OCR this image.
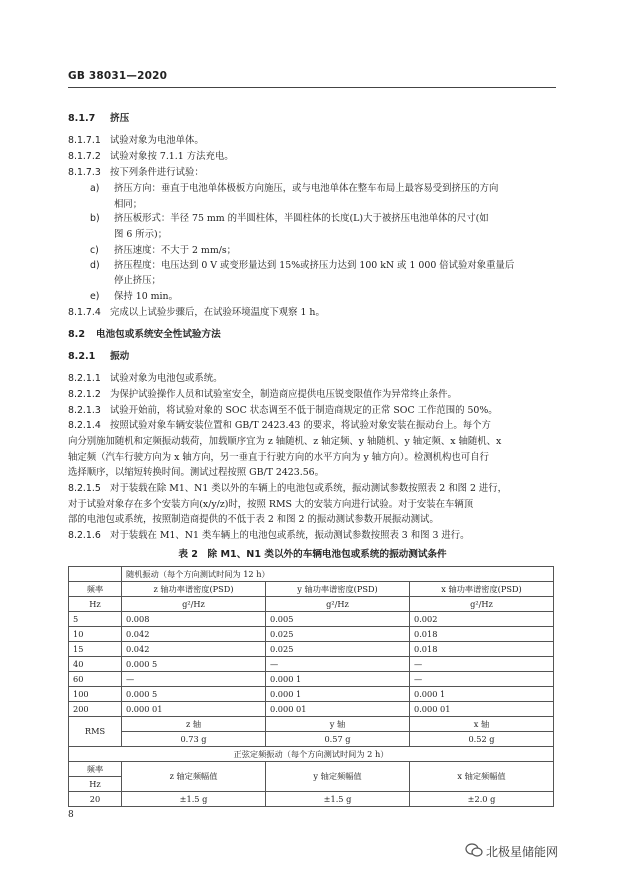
GB 38031—2020
8.1.7 挤压
8.1.7.1 试验对象为电池单体。
8.1.7.2 试验对象按 7.1.1 方法充电。
8.1.7.3 按下列条件进行试验：
a) 挤压方向：垂直于电池单体极板方向施压，或与电池单体在整车布局上最容易受到挤压的方向
相同；
b) 挤压板形式：半径 75 mm 的半圆柱体，半圆柱体的长度(L)大于被挤压电池单体的尺寸(如
图 6 所示)；
c) 挤压速度：不大于 2 mm/s；
d) 挤压程度：电压达到 0 V 或变形量达到 15%或挤压力达到 100 kN 或 1 000 倍试验对象重量后
停止挤压；
e) 保持 10 min。
8.1.7.4 完成以上试验步骤后，在试验环境温度下观察 1 h。
8.2 电池包或系统安全性试验方法
8.2.1 振动
8.2.1.1 试验对象为电池包或系统。
8.2.1.2 为保护试验操作人员和试验室安全，制造商应提供电压锐变限值作为异常终止条件。
8.2.1.3 试验开始前，将试验对象的 SOC 状态调至不低于制造商规定的正常 SOC 工作范围的 50%。
8.2.1.4 按照试验对象车辆安装位置和 GB/T 2423.43 的要求，将试验对象安装在振动台上。每个方
向分别施加随机和定频振动载荷，加载顺序宜为 z 轴随机、z 轴定频、y 轴随机、y 轴定频、x 轴随机、x
轴定频（汽车行驶方向为 x 轴方向，另一垂直于行驶方向的水平方向为 y 轴方向）。检测机构也可自行
选择顺序，以缩短转换时间。测试过程按照 GB/T 2423.56。
8.2.1.5 对于装载在除 M1、N1 类以外的车辆上的电池包或系统，振动测试参数按照表 2 和图 2 进行，
对于试验对象存在多个安装方向(x/y/z)时，按照 RMS 大的安装方向进行试验。对于安装在车辆顶
部的电池包或系统，按照制造商提供的不低于表 2 和图 2 的振动测试参数开展振动测试。
8.2.1.6 对于装载在 M1、N1 类车辆上的电池包或系统，振动测试参数按照表 3 和图 3 进行。
表 2　除 M1、N1 类以外的车辆电池包或系统的振动测试条件
	随机振动（每个方向测试时间为 12 h）		
频率	z 轴功率谱密度(PSD)	y 轴功率谱密度(PSD)	x 轴功率谱密度(PSD)
Hz	g²/Hz	g²/Hz	g²/Hz
5	0.008	0.005	0.002
10	0.042	0.025	0.018
15	0.042	0.025	0.018
40	0.000 5	—	—
60	—	0.000 1	—
100	0.000 5	0.000 1	0.000 1
200	0.000 01	0.000 01	0.000 01
RMS	z 轴	y 轴	x 轴
	0.73 g	0.57 g	0.52 g
正弦定频振动（每个方向测试时间为 2 h）			
频率	z 轴定频幅值	y 轴定频幅值	x 轴定频幅值
Hz			
20	±1.5 g	±1.5 g	±2.0 g
8
北极星储能网
